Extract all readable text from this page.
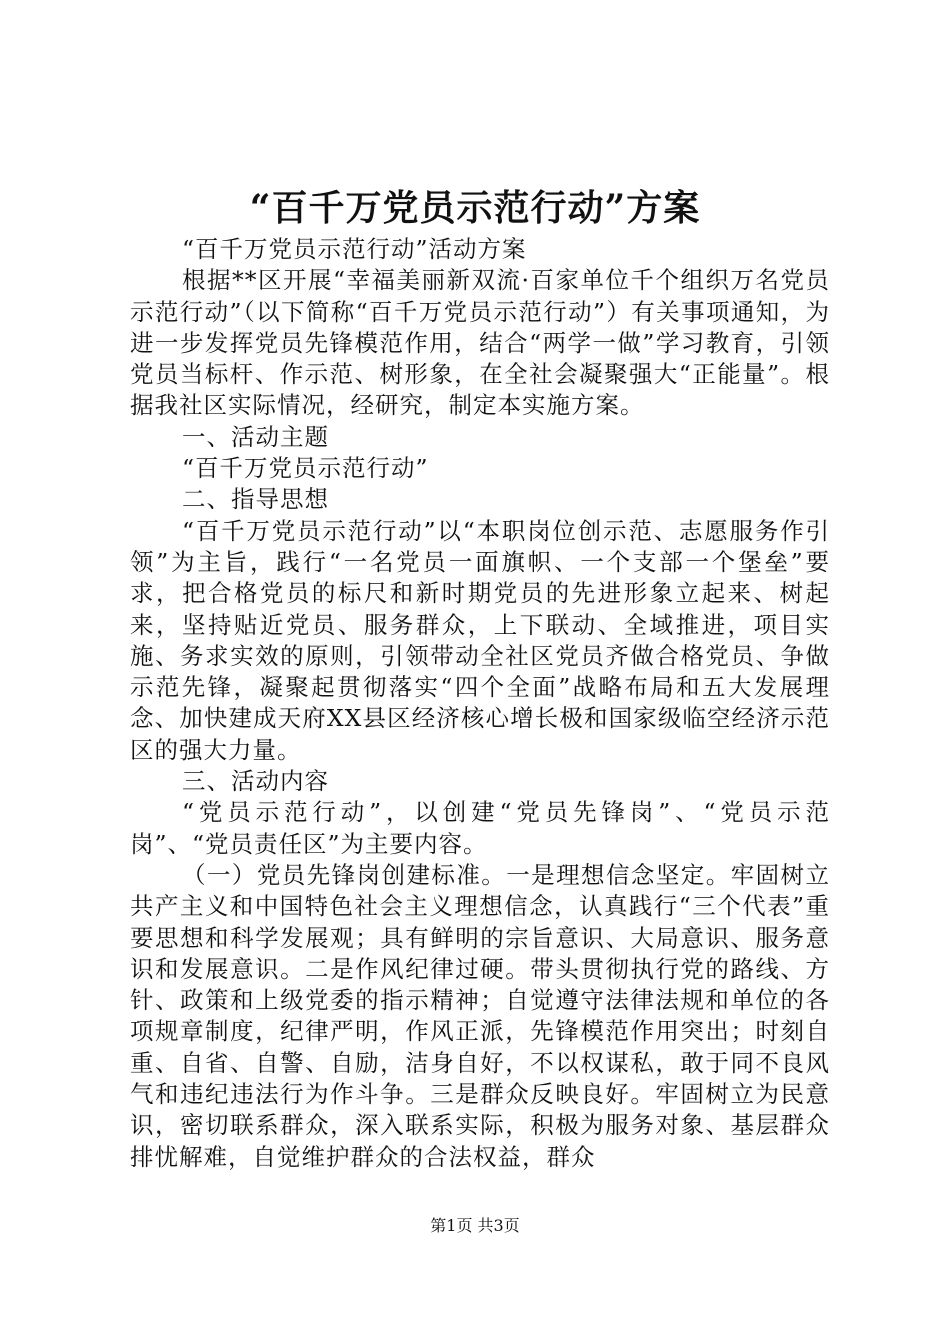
“百千万党员示范行动”方案

“百千万党员示范行动”活动方案

根据**区开展“幸福美丽新双流·百家单位千个组织万名党员示范行动”（以下简称“百千万党员示范行动”）有关事项通知，为进一步发挥党员先锋模范作用，结合“两学一做”学习教育，引领党员当标杆、作示范、树形象，在全社会凝聚强大“正能量”。根据我社区实际情况，经研究，制定本实施方案。

一、活动主题

“百千万党员示范行动”

二、指导思想

“百千万党员示范行动”以“本职岗位创示范、志愿服务作引领”为主旨，践行“一名党员一面旗帜、一个支部一个堡垒”要求，把合格党员的标尺和新时期党员的先进形象立起来、树起来，坚持贴近党员、服务群众，上下联动、全域推进，项目实施、务求实效的原则，引领带动全社区党员齐做合格党员、争做示范先锋，凝聚起贯彻落实“四个全面”战略布局和五大发展理念、加快建成天府XX县区经济核心增长极和国家级临空经济示范区的强大力量。

三、活动内容

“党员示范行动”，以创建“党员先锋岗”、“党员示范岗”、“党员责任区”为主要内容。

（一）党员先锋岗创建标准。一是理想信念坚定。牢固树立共产主义和中国特色社会主义理想信念，认真践行“三个代表”重要思想和科学发展观；具有鲜明的宗旨意识、大局意识、服务意识和发展意识。二是作风纪律过硬。带头贯彻执行党的路线、方针、政策和上级党委的指示精神；自觉遵守法律法规和单位的各项规章制度，纪律严明，作风正派，先锋模范作用突出；时刻自重、自省、自警、自励，洁身自好，不以权谋私，敢于同不良风气和违纪违法行为作斗争。三是群众反映良好。牢固树立为民意识，密切联系群众，深入联系实际，积极为服务对象、基层群众排忧解难，自觉维护群众的合法权益，群众

第1页 共3页
